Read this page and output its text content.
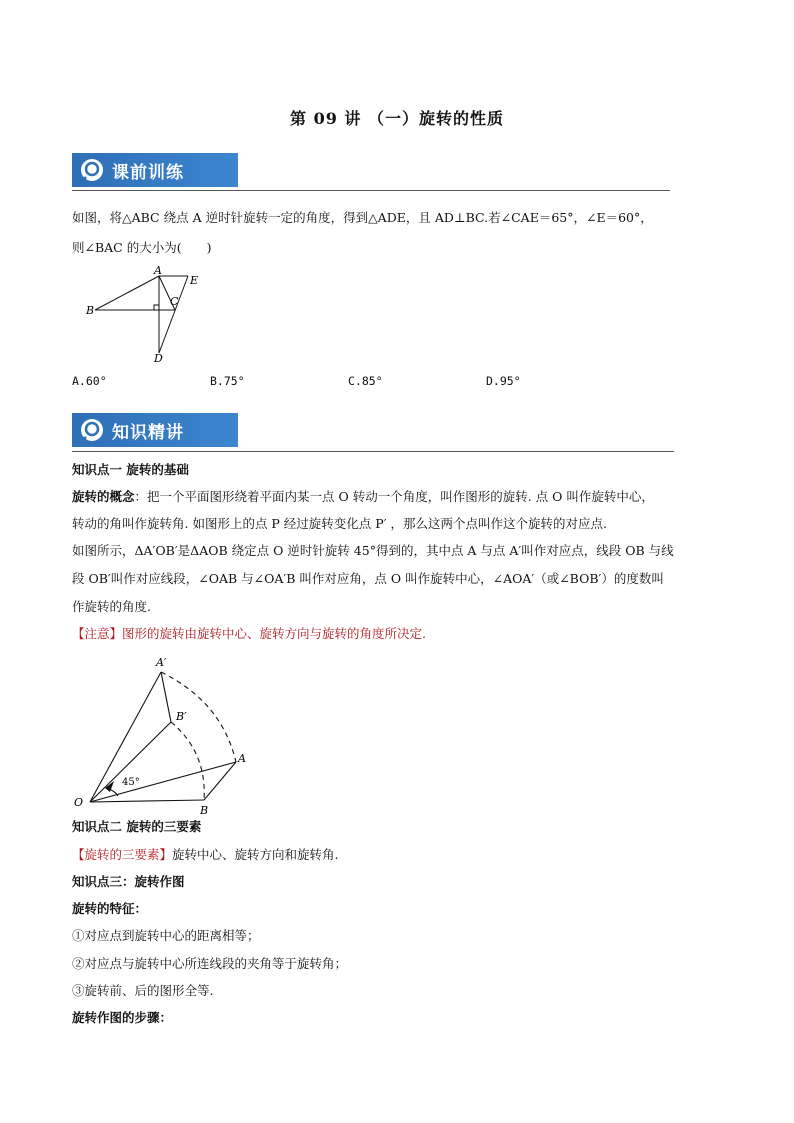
第 09 讲 （一）旋转的性质
课前训练
如图，将△ABC 绕点 A 逆时针旋转一定的角度，得到△ADE，且 AD⊥BC.若∠CAE＝65°，∠E＝60°，
则∠BAC 的大小为(　　)
A
B
C
D
E
A.60°	B.75°	C.85°	D.95°
知识精讲
知识点一 旋转的基础
旋转的概念：把一个平面图形绕着平面内某一点 O 转动一个角度，叫作图形的旋转. 点 O 叫作旋转中心，
转动的角叫作旋转角. 如图形上的点 P 经过旋转变化点 P′ ，那么这两个点叫作这个旋转的对应点.
如图所示，ΔA′OB′是ΔAOB 绕定点 O 逆时针旋转 45°得到的，其中点 A 与点 A′叫作对应点，线段 OB 与线
段 OB′叫作对应线段，∠OAB 与∠OA′B 叫作对应角，点 O 叫作旋转中心，∠AOA′（或∠BOB′）的度数叫
作旋转的角度.
【注意】图形的旋转由旋转中心、旋转方向与旋转的角度所决定.
O
A′
B′
A
B
45°
知识点二 旋转的三要素
【旋转的三要素】旋转中心、旋转方向和旋转角.
知识点三：旋转作图
旋转的特征：
①对应点到旋转中心的距离相等；
②对应点与旋转中心所连线段的夹角等于旋转角；
③旋转前、后的图形全等.
旋转作图的步骤：
